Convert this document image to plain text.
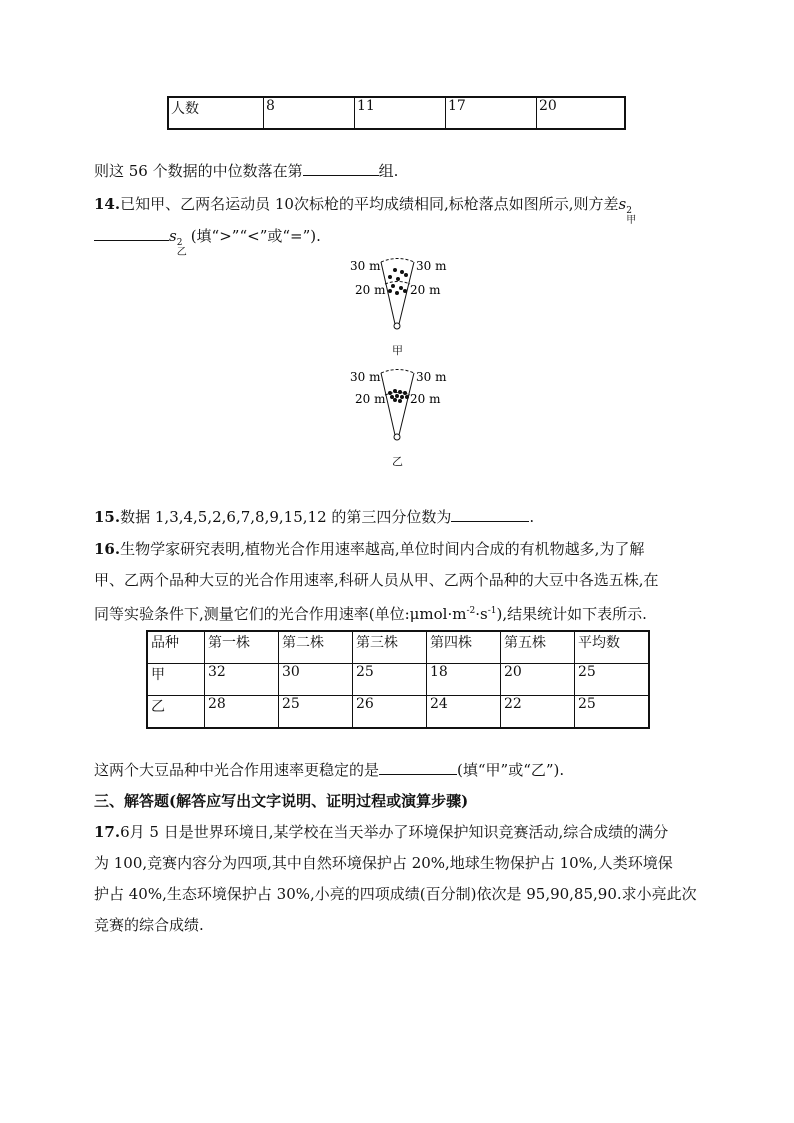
人数	8	11	17	20
则这 56 个数据的中位数落在第	组.
14.已知甲、乙两名运动员 10次标枪的平均成绩相同,标枪落点如图所示,则方差s 2
甲
s 2
乙
(填“>”“<”或“=”).
30 m	30 m
20 m 20 m
甲
30 m	30 m
20 m 20 m
乙
15.数据 1,3,4,5,2,6,7,8,9,15,12 的第三四分位数为	.
16.生物学家研究表明,植物光合作用速率越高,单位时间内合成的有机物越多,为了解
甲、乙两个品种大豆的光合作用速率,科研人员从甲、乙两个品种的大豆中各选五株,在
同等实验条件下,测量它们的光合作用速率(单位$:\mu mol\cdot m^{-2}\cdot s^{-1}$),结果统计如下表所示.
品种	第一株	第二株	第三株	第四株	第五株	平均数
甲	32	30	25	18	20	25
乙	28	25	26	24	22	25
这两个大豆品种中光合作用速率更稳定的是	(填“甲”或“乙”).
三、解答题(解答应写出文字说明、证明过程或演算步骤)
17.6月 5 日是世界环境日,某学校在当天举办了环境保护知识竞赛活动,综合成绩的满分
为 100,竞赛内容分为四项,其中自然环境保护占 20%,地球生物保护占 10%,人类环境保
护占 40%,生态环境保护占 30%,小亮的四项成绩(百分制)依次是 95,90,85,90.求小亮此次
竞赛的综合成绩.
